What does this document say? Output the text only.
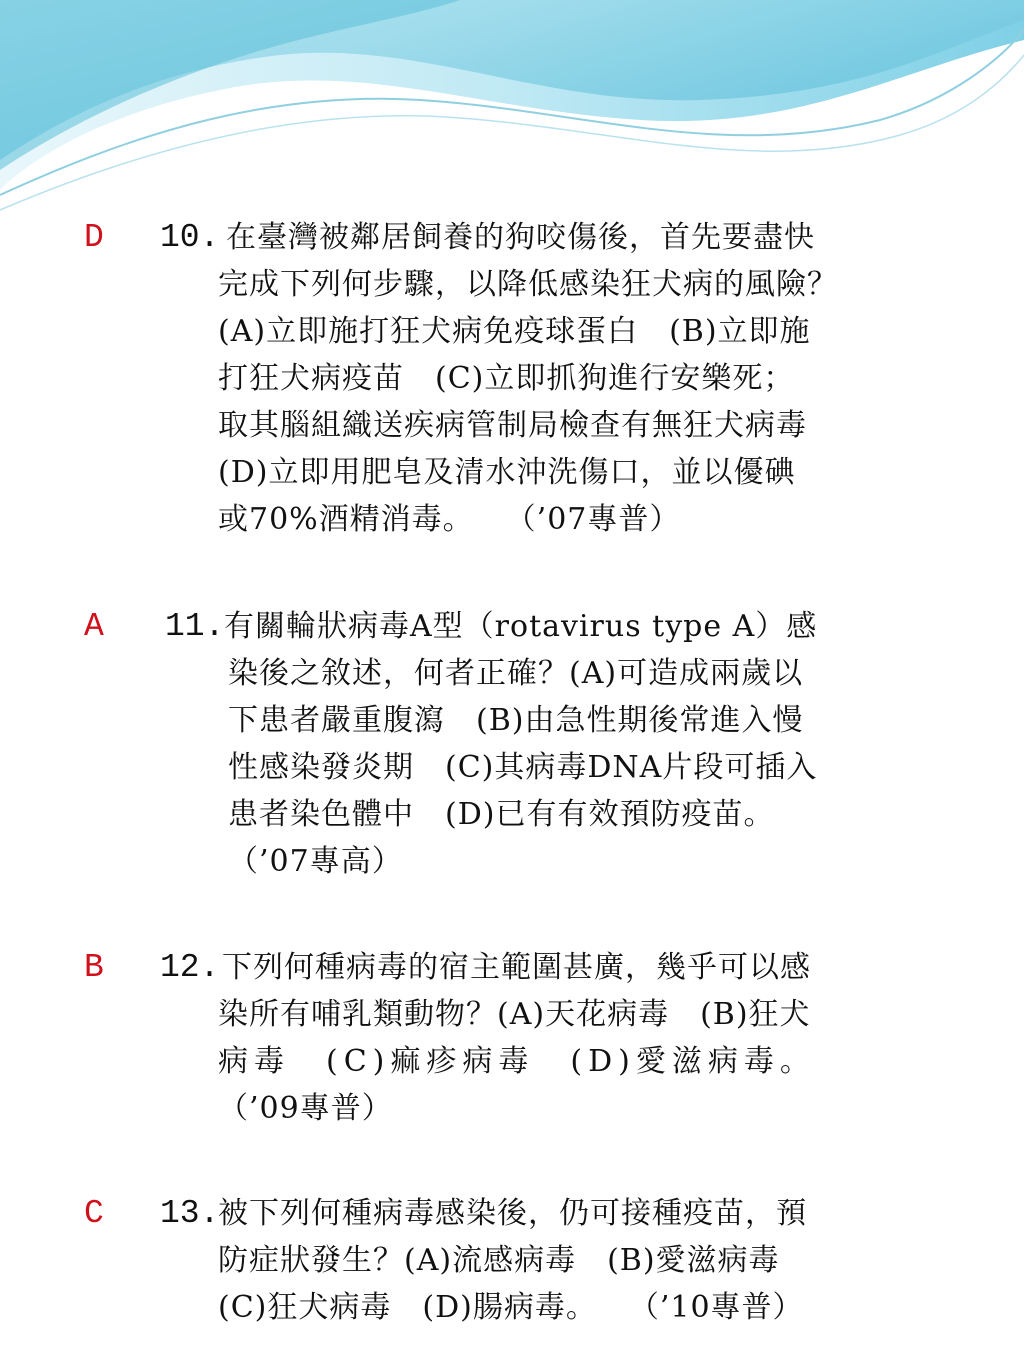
D 10. 在臺灣被鄰居飼養的狗咬傷後，首先要盡快
完成下列何步驟，以降低感染狂犬病的風險？
(A)立即施打狂犬病免疫球蛋白　(B)立即施
打狂犬病疫苗　(C)立即抓狗進行安樂死；
取其腦組織送疾病管制局檢查有無狂犬病毒
(D)立即用肥皂及清水沖洗傷口，並以優碘
或70%酒精消毒。　　（’07專普）
A 11. 有關輪狀病毒A型（rotavirus type A）感
染後之敘述，何者正確？(A)可造成兩歲以
下患者嚴重腹瀉　(B)由急性期後常進入慢
性感染發炎期　(C)其病毒DNA片段可插入
患者染色體中　(D)已有有效預防疫苗。
（’07專高）
B 12. 下列何種病毒的宿主範圍甚廣，幾乎可以感
染所有哺乳類動物？(A)天花病毒　(B)狂犬
病毒　(C)痲疹病毒　(D)愛滋病毒。
（’09專普）
C 13.
被下列何種病毒感染後，仍可接種疫苗，預
防症狀發生？(A)流感病毒　(B)愛滋病毒
(C)狂犬病毒　(D)腸病毒。　　（’10專普）
